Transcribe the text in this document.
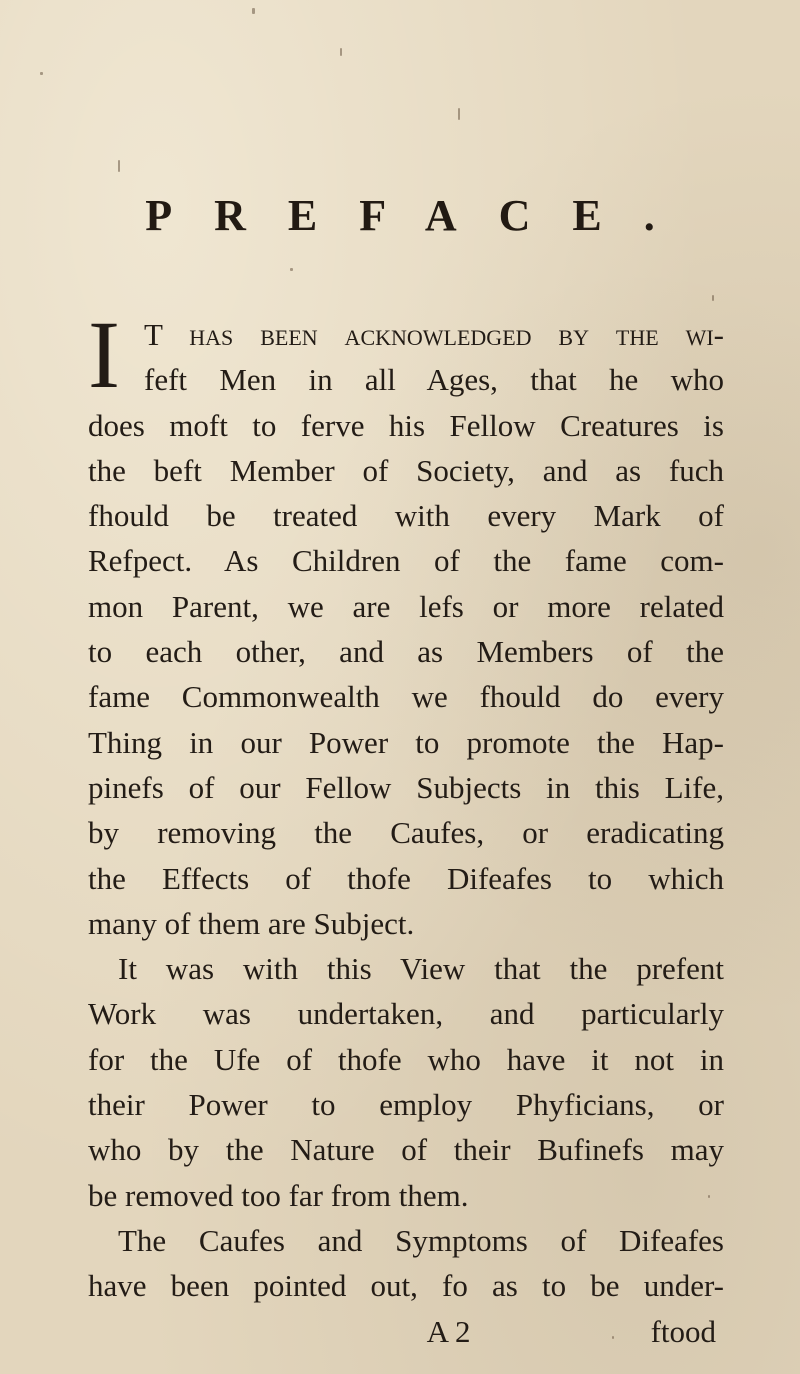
PREFACE.
I T has been acknowledged by the wi-
feft Men in all Ages, that he who
does moft to ferve his Fellow Creatures is
the beft Member of Society, and as fuch
fhould be treated with every Mark of
Refpect. As Children of the fame com-
mon Parent, we are lefs or more related
to each other, and as Members of the
fame Commonwealth we fhould do every
Thing in our Power to promote the Hap-
pinefs of our Fellow Subjects in this Life,
by removing the Caufes, or eradicating
the Effects of thofe Difeafes to which
many of them are Subject.
It was with this View that the prefent
Work was undertaken, and particularly
for the Ufe of thofe who have it not in
their Power to employ Phyficians, or
who by the Nature of their Bufinefs may
be removed too far from them.
The Caufes and Symptoms of Difeafes
have been pointed out, fo as to be under-
A 2	ftood
